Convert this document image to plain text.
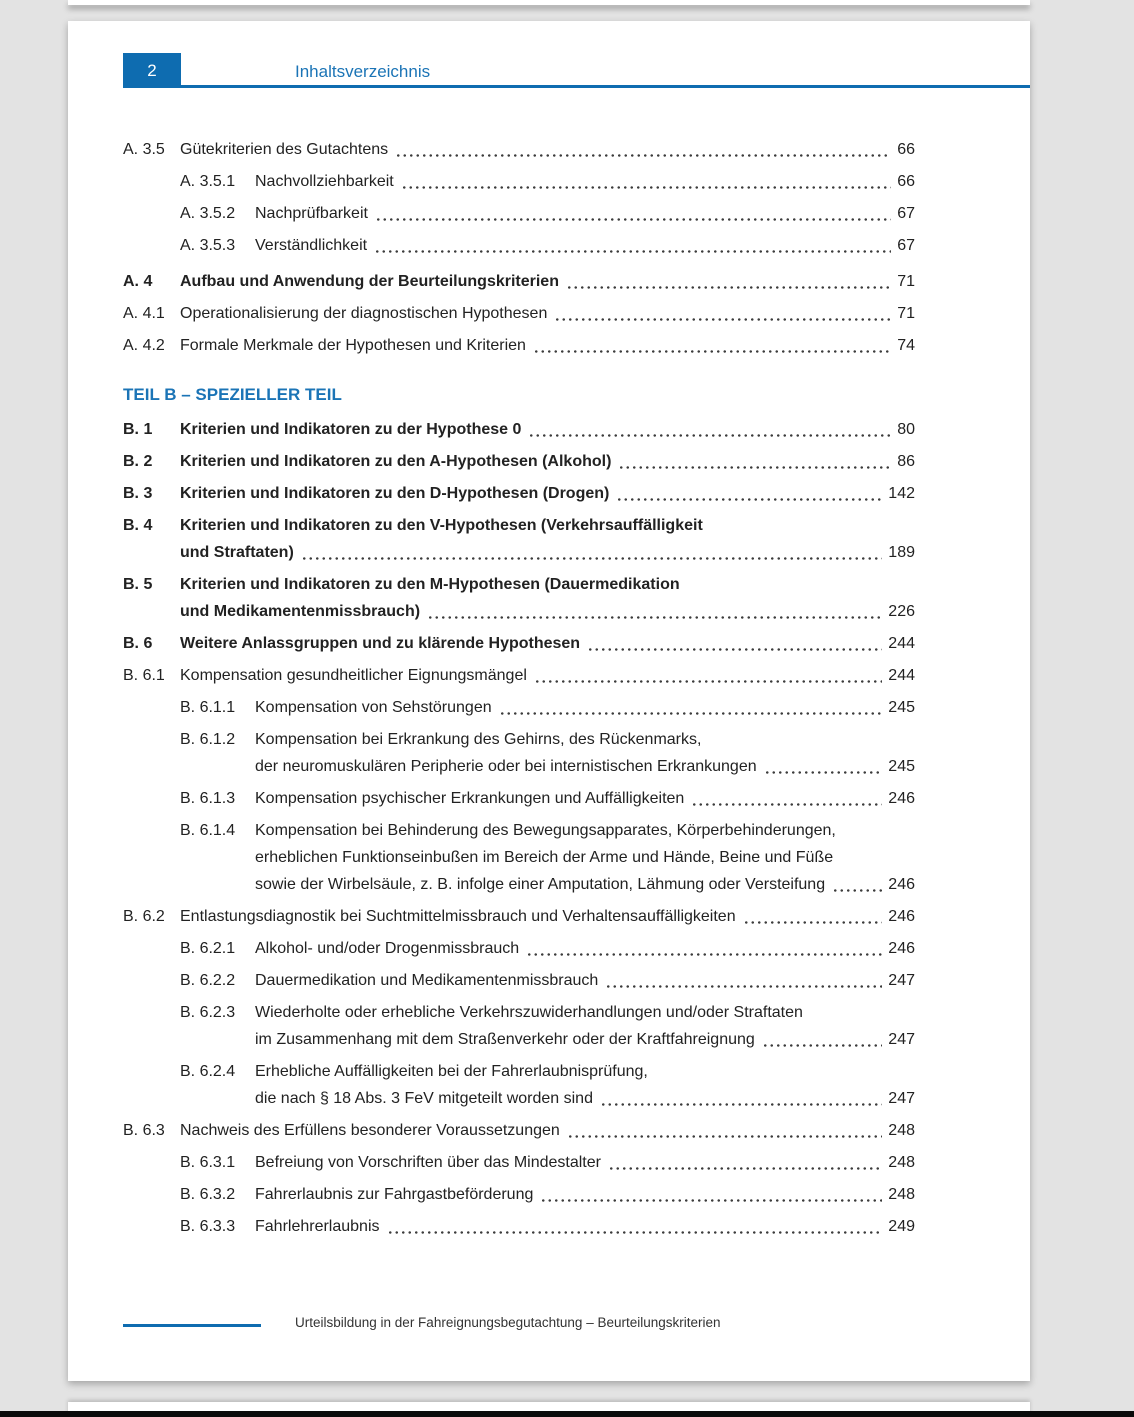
2	Inhaltsverzeichnis
A. 3.5 Gütekriterien des Gutachtens	66
A. 3.5.1	Nachvollziehbarkeit	66
A. 3.5.2	Nachprüfbarkeit	67
A. 3.5.3	Verständlichkeit	67
A. 4	Aufbau und Anwendung der Beurteilungskriterien	71
A. 4.1 Operationalisierung der diagnostischen Hypothesen	71
A. 4.2 Formale Merkmale der Hypothesen und Kriterien	74
TEIL B – SPEZIELLER TEIL
B. 1	Kriterien und Indikatoren zu der Hypothese 0	80
B. 2	Kriterien und Indikatoren zu den A-Hypothesen (Alkohol)	86
B. 3	Kriterien und Indikatoren zu den D-Hypothesen (Drogen)	142
B. 4	Kriterien und Indikatoren zu den V-Hypothesen (Verkehrsauffälligkeit
und Straftaten)	189
B. 5	Kriterien und Indikatoren zu den M-Hypothesen (Dauermedikation
und Medikamentenmissbrauch)	226
B. 6	Weitere Anlassgruppen und zu klärende Hypothesen	244
B. 6.1 Kompensation gesundheitlicher Eignungsmängel	244
B. 6.1.1	Kompensation von Sehstörungen	245
B. 6.1.2	Kompensation bei Erkrankung des Gehirns, des Rückenmarks,
der neuromuskulären Peripherie oder bei internistischen Erkrankungen	245
B. 6.1.3	Kompensation psychischer Erkrankungen und Auffälligkeiten	246
B. 6.1.4	Kompensation bei Behinderung des Bewegungsapparates, Körperbehinderungen,
erheblichen Funktionseinbußen im Bereich der Arme und Hände, Beine und Füße
sowie der Wirbelsäule, z. B. infolge einer Amputation, Lähmung oder Versteifung	246
B. 6.2 Entlastungsdiagnostik bei Suchtmittelmissbrauch und Verhaltensauffälligkeiten	246
B. 6.2.1	Alkohol- und/oder Drogenmissbrauch	246
B. 6.2.2	Dauermedikation und Medikamentenmissbrauch	247
B. 6.2.3	Wiederholte oder erhebliche Verkehrszuwiderhandlungen und/oder Straftaten
im Zusammenhang mit dem Straßenverkehr oder der Kraftfahreignung	247
B. 6.2.4	Erhebliche Auffälligkeiten bei der Fahrerlaubnisprüfung,
die nach § 18 Abs. 3 FeV mitgeteilt worden sind	247
B. 6.3 Nachweis des Erfüllens besonderer Voraussetzungen	248
B. 6.3.1	Befreiung von Vorschriften über das Mindestalter	248
B. 6.3.2	Fahrerlaubnis zur Fahrgastbeförderung	248
B. 6.3.3	Fahrlehrerlaubnis	249
Urteilsbildung in der Fahreignungsbegutachtung – Beurteilungskriterien
